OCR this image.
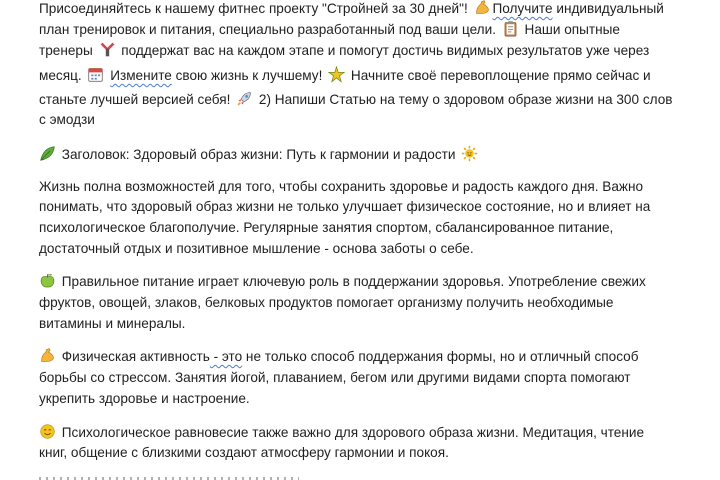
Присоединяйтесь к нашему фитнес проекту "Стройней за 30 дней"!
Получите индивидуальный

план тренировок и питания, специально разработанный под ваши цели.
Наши опытные

тренеры
поддержат вас на каждом этапе и помогут достичь видимых результатов уже через

месяц.
Измените свою жизнь к лучшему!
Начните своё перевоплощение прямо сейчас и

станьте лучшей версией себя!
2) Напиши Статью на тему о здоровом образе жизни на 300 слов

с эмодзи

Заголовок: Здоровый образ жизни: Путь к гармонии и радости

Жизнь полна возможностей для того, чтобы сохранить здоровье и радость каждого дня. Важно

понимать, что здоровый образ жизни не только улучшает физическое состояние, но и влияет на

психологическое благополучие. Регулярные занятия спортом, сбалансированное питание,

достаточный отдых и позитивное мышление - основа заботы о себе.

Правильное питание играет ключевую роль в поддержании здоровья. Употребление свежих

фруктов, овощей, злаков, белковых продуктов помогает организму получить необходимые

витамины и минералы.

Физическая активность - это не только способ поддержания формы, но и отличный способ

борьбы со стрессом. Занятия йогой, плаванием, бегом или другими видами спорта помогают

укрепить здоровье и настроение.

Психологическое равновесие также важно для здорового образа жизни. Медитация, чтение

книг, общение с близкими создают атмосферу гармонии и покоя.
